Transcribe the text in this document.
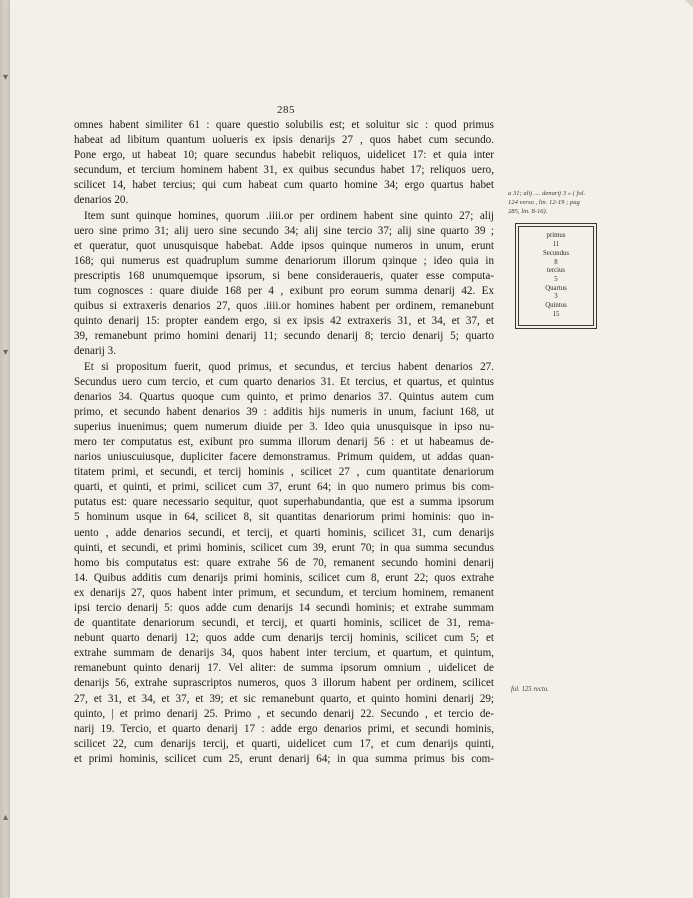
▾
▾
▴
285
omnes habent similiter 61 : quare questio solubilis est; et soluitur sic : quod primus
habeat ad libitum quantum uolueris ex ipsis denarijs 27 , quos habet cum secundo.
Pone ergo, ut habeat 10; quare secundus habebit reliquos, uidelicet 17: et quia inter
secundum, et tercium hominem habent 31, ex quibus secundus habet 17; reliquos uero,
scilicet 14, habet tercius; qui cum habeat cum quarto homine 34; ergo quartus habet
denarios 20.
Item sunt quinque homines, quorum .iiii.or per ordinem habent sine quinto 27; alij
uero sine primo 31; alij uero sine secundo 34; alij sine tercio 37; alij sine quarto 39 ;
et queratur, quot unusquisque habebat. Adde ipsos quinque numeros in unum, erunt
168; qui numerus est quadruplum summe denariorum illorum qзinque ; ideo quia in
prescriptis 168 unumquemque ipsorum, si bene consideraueris, quater esse computa-
tum cognosces : quare diuide 168 per 4 , exibunt pro eorum summa denarij 42. Ex
quibus si extraxeris denarios 27, quos .iiii.or homines habent per ordinem, remanebunt
quinto denarij 15: propter eandem ergo, si ex ipsis 42 extraxeris 31, et 34, et 37, et
39, remanebunt primo homini denarij 11; secundo denarij 8; tercio denarij 5; quarto
denarij 3.
Et si propositum fuerit, quod primus, et secundus, et tercius habent denarios 27.
Secundus uero cum tercio, et cum quarto denarios 31. Et tercius, et quartus, et quintus
denarios 34. Quartus quoque cum quinto, et primo denarios 37. Quintus autem cum
primo, et secundo habent denarios 39 : additis hijs numeris in unum, faciunt 168, ut
superius inuenimus; quem numerum diuide per 3. Ideo quia unusquisque in ipso nu-
mero ter computatus est, exibunt pro summa illorum denarij 56 : et ut habeamus de-
narios uniuscuiusque, dupliciter facere demonstramus. Primum quidem, ut addas quan-
titatem primi, et secundi, et tercij hominis , scilicet 27 , cum quantitate denariorum
quarti, et quinti, et primi, scilicet cum 37, erunt 64; in quo numero primus bis com-
putatus est: quare necessario sequitur, quot superhabundantia, que est a summa ipsorum
5 hominum usque in 64, scilicet 8, sit quantitas denariorum primi hominis: quo in-
uento , adde denarios secundi, et tercij, et quarti hominis, scilicet 31, cum denarijs
quinti, et secundi, et primi hominis, scilicet cum 39, erunt 70; in qua summa secundus
homo bis computatus est: quare extrahe 56 de 70, remanent secundo homini denarij
14. Quibus additis cum denarijs primi hominis, scilicet cum 8, erunt 22; quos extrahe
ex denarijs 27, quos habent inter primum, et secundum, et tercium hominem, remanent
ipsi tercio denarij 5: quos adde cum denarijs 14 secundi hominis; et extrahe summam
de quantitate denariorum secundi, et tercij, et quarti hominis, scilicet de 31, rema-
nebunt quarto denarij 12; quos adde cum denarijs tercij hominis, scilicet cum 5; et
extrahe summam de denarijs 34, quos habent inter tercium, et quartum, et quintum,
remanebunt quinto denarij 17. Vel aliter: de summa ipsorum omnium , uidelicet de
denarijs 56, extrahe suprascriptos numeros, quos 3 illorum habent per ordinem, scilicet
27, et 31, et 34, et 37, et 39; et sic remanebunt quarto, et quinto homini denarij 29;
quinto, | et primo denarij 25. Primo , et secundo denarij 22. Secundo , et tercio de-
narij 19. Tercio, et quarto denarij 17 : adde ergo denarios primi, et secundi hominis,
scilicet 22, cum denarijs tercij, et quarti, uidelicet cum 17, et cum denarijs quinti,
et primi hominis, scilicet cum 25, erunt denarij 64; in qua summa primus bis com-
a 31; alij .... denarij 3 » ( fol.
124 verso , lin. 12-19 ; pag
285, lin. 8-16).
primus
11
Secundus
8
tercius
5
Quartus
3
Quintus
15
fol. 125 recto.
